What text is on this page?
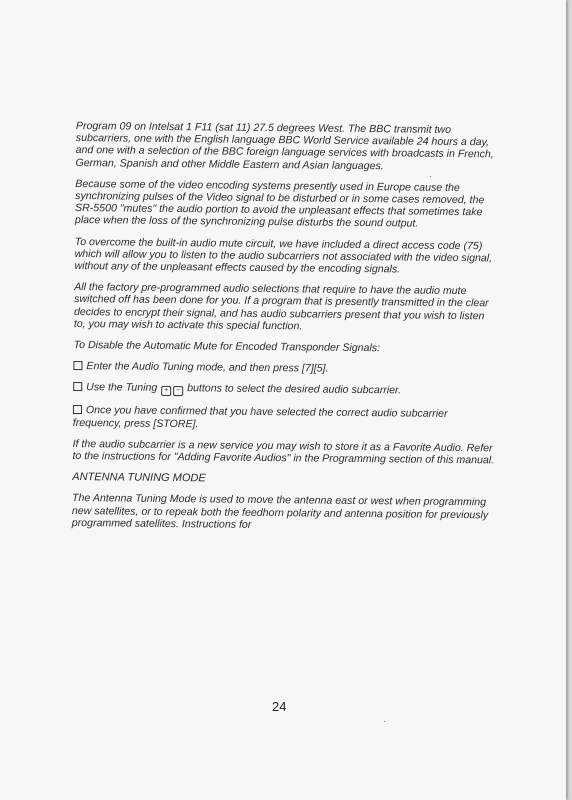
Program 09 on Intelsat 1 F11 (sat 11) 27.5 degrees West. The BBC transmit two subcarriers, one with the English language BBC World Service available 24 hours a day, and one with a selection of the BBC foreign language services with broadcasts in French, German, Spanish and other Middle Eastern and Asian languages.

Because some of the video encoding systems presently used in Europe cause the synchronizing pulses of the Video signal to be disturbed or in some cases removed, the SR-5500 "mutes" the audio portion to avoid the unpleasant effects that sometimes take place when the loss of the synchronizing pulse disturbs the sound output.

To overcome the built-in audio mute circuit, we have included a direct access code (75) which will allow you to listen to the audio subcarriers not associated with the video signal, without any of the unpleasant effects caused by the encoding signals.

All the factory pre-programmed audio selections that require to have the audio mute switched off has been done for you. If a program that is presently transmitted in the clear decides to encrypt their signal, and has audio subcarriers present that you wish to listen to, you may wish to activate this special function.

To Disable the Automatic Mute for Encoded Transponder Signals:

Enter the Audio Tuning mode, and then press [7][5].

Use the Tuning + − buttons to select the desired audio subcarrier.

Once you have confirmed that you have selected the correct audio subcarrier frequency, press [STORE].

If the audio subcarrier is a new service you may wish to store it as a Favorite Audio. Refer to the instructions for "Adding Favorite Audios" in the Programming section of this manual.

ANTENNA TUNING MODE

The Antenna Tuning Mode is used to move the antenna east or west when programming new satellites, or to repeak both the feedhorn polarity and antenna position for previously programmed satellites. Instructions for

24
